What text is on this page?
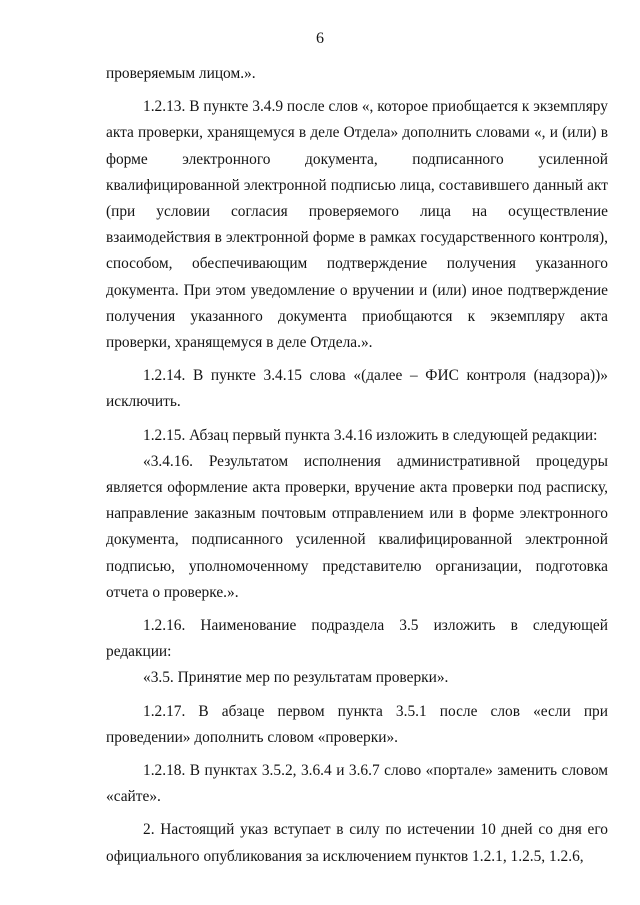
6

проверяемым лицом.».

1.2.13. В пункте 3.4.9 после слов «, которое приобщается к экземпляру акта проверки, хранящемуся в деле Отдела» дополнить словами «, и (или) в форме электронного документа, подписанного усиленной квалифицированной электронной подписью лица, составившего данный акт (при условии согласия проверяемого лица на осуществление взаимодействия в электронной форме в рамках государственного контроля), способом, обеспечивающим подтверждение получения указанного документа. При этом уведомление о вручении и (или) иное подтверждение получения указанного документа приобщаются к экземпляру акта проверки, хранящемуся в деле Отдела.».

1.2.14. В пункте 3.4.15 слова «(далее – ФИС контроля (надзора))» исключить.

1.2.15. Абзац первый пункта 3.4.16 изложить в следующей редакции:

«3.4.16. Результатом исполнения административной процедуры является оформление акта проверки, вручение акта проверки под расписку, направление заказным почтовым отправлением или в форме электронного документа, подписанного усиленной квалифицированной электронной подписью, уполномоченному представителю организации, подготовка отчета о проверке.».

1.2.16. Наименование подраздела 3.5 изложить в следующей редакции:

«3.5. Принятие мер по результатам проверки».

1.2.17. В абзаце первом пункта 3.5.1 после слов «если при проведении» дополнить словом «проверки».

1.2.18. В пунктах 3.5.2, 3.6.4 и 3.6.7 слово «портале» заменить словом «сайте».

2. Настоящий указ вступает в силу по истечении 10 дней со дня его официального опубликования за исключением пунктов 1.2.1, 1.2.5, 1.2.6,
